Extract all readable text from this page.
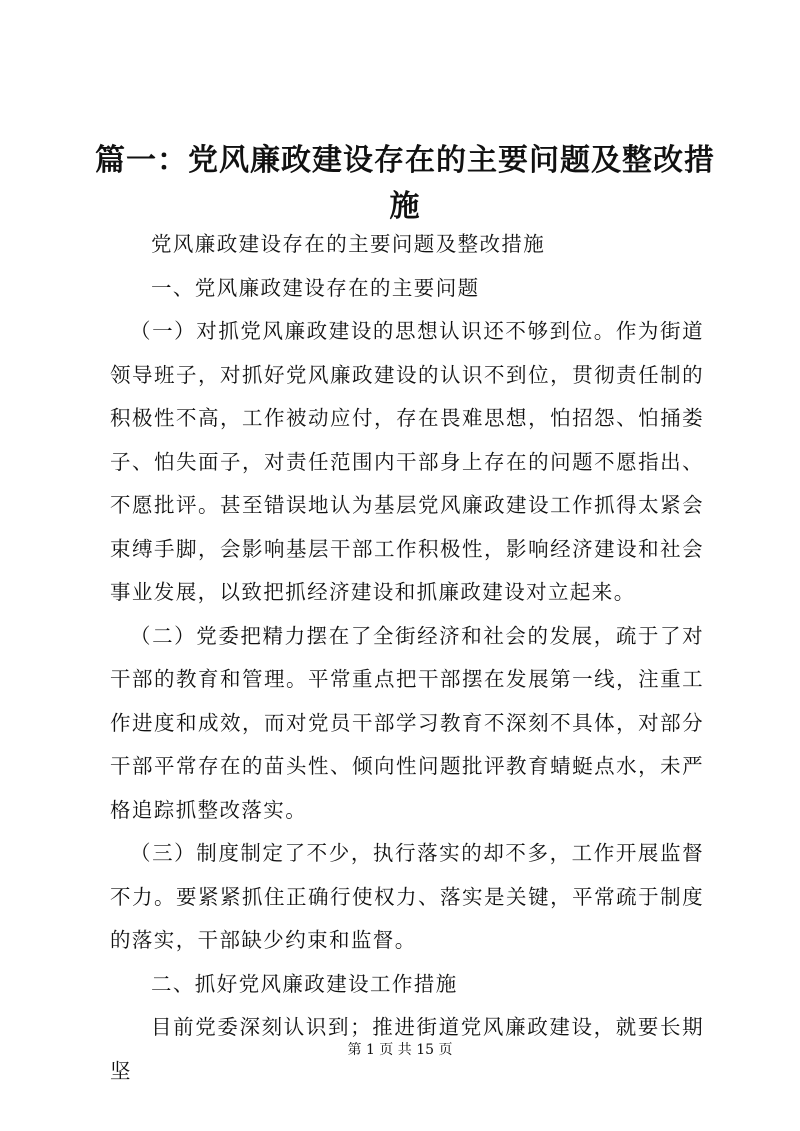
篇一：党风廉政建设存在的主要问题及整改措施

党风廉政建设存在的主要问题及整改措施

一、党风廉政建设存在的主要问题

（一）对抓党风廉政建设的思想认识还不够到位。作为街道领导班子，对抓好党风廉政建设的认识不到位，贯彻责任制的积极性不高，工作被动应付，存在畏难思想，怕招怨、怕捅娄子、怕失面子，对责任范围内干部身上存在的问题不愿指出、不愿批评。甚至错误地认为基层党风廉政建设工作抓得太紧会束缚手脚，会影响基层干部工作积极性，影响经济建设和社会事业发展，以致把抓经济建设和抓廉政建设对立起来。

（二）党委把精力摆在了全街经济和社会的发展，疏于了对干部的教育和管理。平常重点把干部摆在发展第一线，注重工作进度和成效，而对党员干部学习教育不深刻不具体，对部分干部平常存在的苗头性、倾向性问题批评教育蜻蜓点水，未严格追踪抓整改落实。

（三）制度制定了不少，执行落实的却不多，工作开展监督不力。要紧紧抓住正确行使权力、落实是关键，平常疏于制度的落实，干部缺少约束和监督。

二、抓好党风廉政建设工作措施

目前党委深刻认识到；推进街道党风廉政建设，就要长期坚

第 1 页 共 15 页
